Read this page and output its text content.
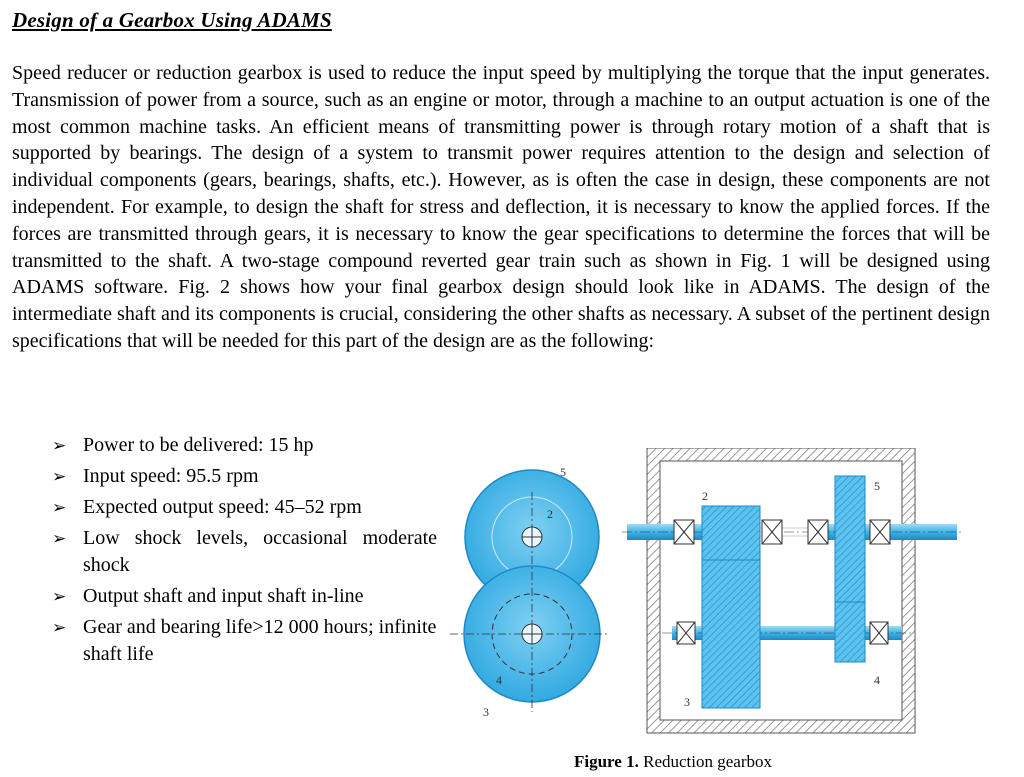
Design of a Gearbox Using ADAMS
Speed reducer or reduction gearbox is used to reduce the input speed by multiplying the torque that the input generates. Transmission of power from a source, such as an engine or motor, through a machine to an output actuation is one of the most common machine tasks. An efficient means of transmitting power is through rotary motion of a shaft that is supported by bearings. The design of a system to transmit power requires attention to the design and selection of individual components (gears, bearings, shafts, etc.). However, as is often the case in design, these components are not independent. For example, to design the shaft for stress and deflection, it is necessary to know the applied forces. If the forces are transmitted through gears, it is necessary to know the gear specifications to determine the forces that will be transmitted to the shaft. A two-stage compound reverted gear train such as shown in Fig. 1 will be designed using ADAMS software. Fig. 2 shows how your final gearbox design should look like in ADAMS. The design of the intermediate shaft and its components is crucial, considering the other shafts as necessary. A subset of the pertinent design specifications that will be needed for this part of the design are as the following:
➢ Power to be delivered: 15 hp
➢ Input speed: 95.5 rpm
➢ Expected output speed: 45–52 rpm
➢ Low shock levels, occasional moderate shock
➢ Output shaft and input shaft in-line
➢ Gear and bearing life>12 000 hours; infinite shaft life
5
2
4
3
2
5
3
4
Figure 1. Reduction gearbox
